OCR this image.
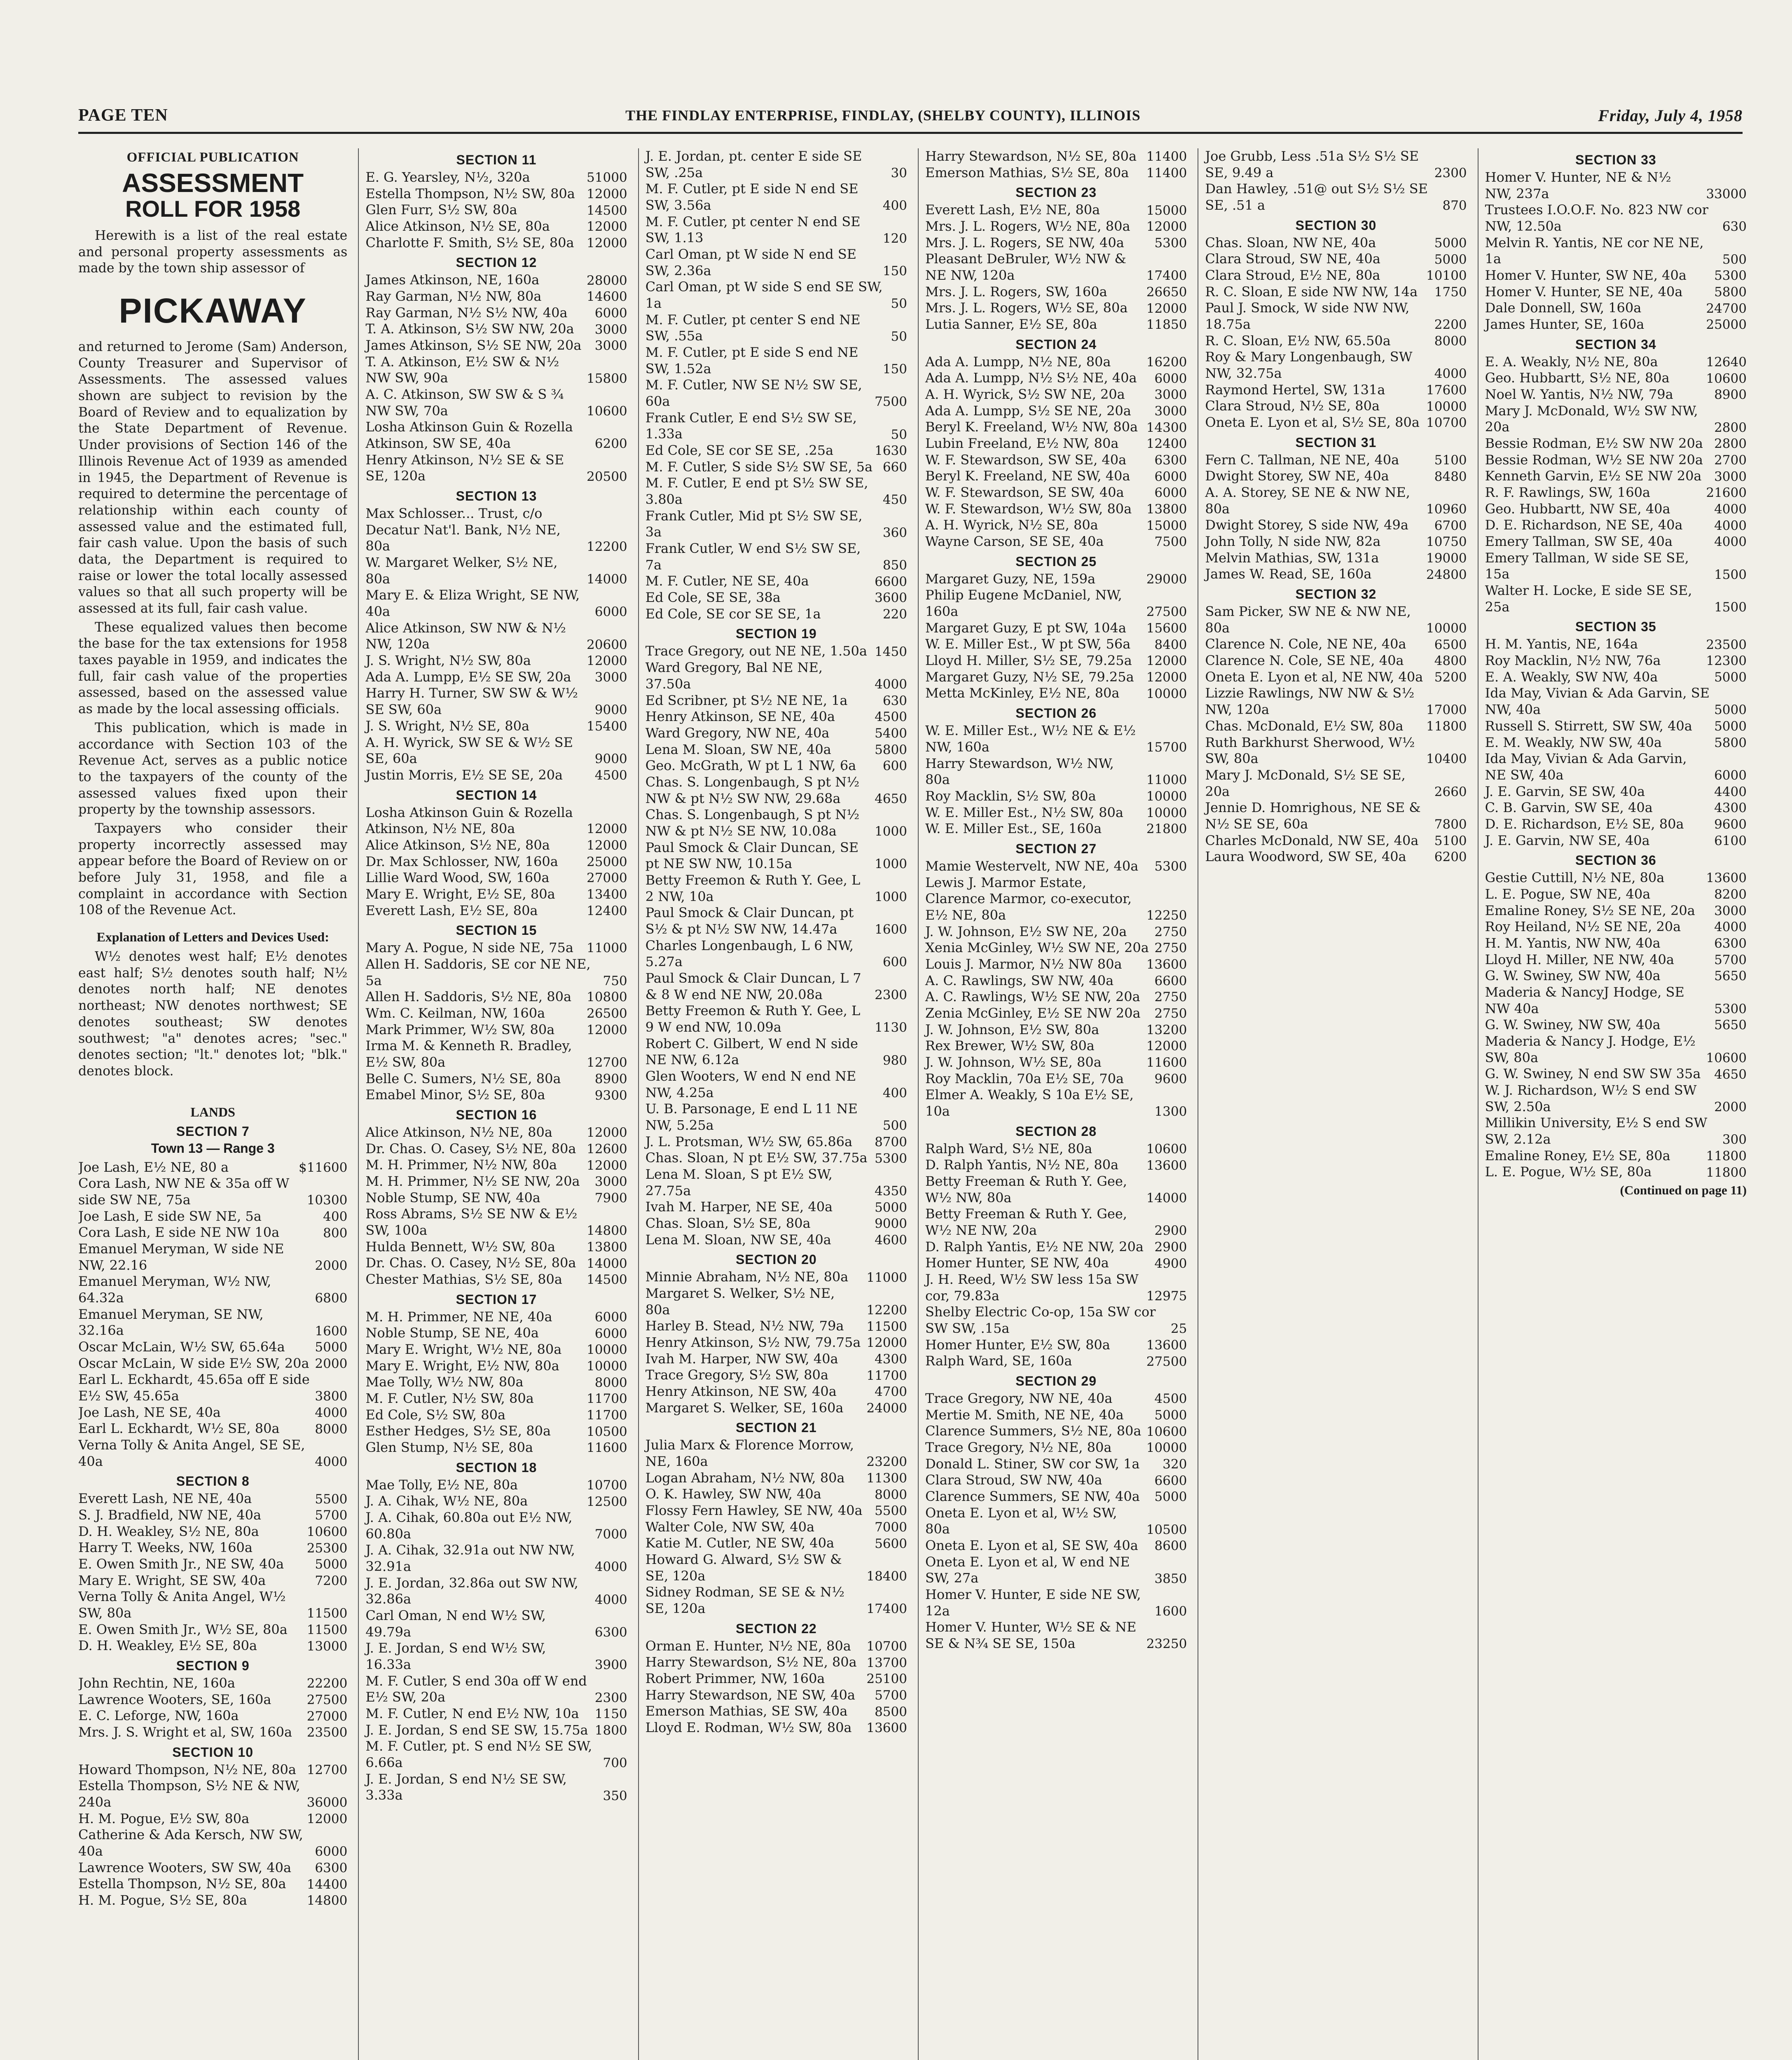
PAGE TEN	THE FINDLAY ENTERPRISE, FINDLAY, (SHELBY COUNTY), ILLINOIS	Friday, July 4, 1958
OFFICIAL PUBLICATION
ASSESSMENT
ROLL FOR 1958

Herewith is a list of the real estate and personal property assessments as made by the town ship assessor of

PICKAWAY

and returned to Jerome (Sam) Anderson, County Treasurer and Supervisor of Assessments. The assessed values shown are subject to revision by the Board of Review and to equalization by the State Department of Revenue. Under provisions of Section 146 of the Illinois Revenue Act of 1939 as amended in 1945, the Department of Revenue is required to determine the percentage of relationship within each county of assessed value and the estimated full, fair cash value. Upon the basis of such data, the Department is required to raise or lower the total locally assessed values so that all such property will be assessed at its full, fair cash value.

These equalized values then become the base for the tax extensions for 1958 taxes payable in 1959, and indicates the full, fair cash value of the properties assessed, based on the assessed value as made by the local assessing officials.

This publication, which is made in accordance with Section 103 of the Revenue Act, serves as a public notice to the taxpayers of the county of the assessed values fixed upon their property by the township assessors.

Taxpayers who consider their property incorrectly assessed may appear before the Board of Review on or before July 31, 1958, and file a complaint in accordance with Section 108 of the Revenue Act.

Explanation of Letters and Devices Used:

W½ denotes west half; E½ denotes east half; S½ denotes south half; N½ denotes north half; NE denotes northeast; NW denotes northwest; SE denotes southeast; SW denotes southwest; "a" denotes acres; "sec." denotes section; "lt." denotes lot; "blk." denotes block.

LANDS
SECTION 7
Town 13 — Range 3
Joe Lash, E½ NE, 80 a	$11600
Cora Lash, NW NE & 35a off W side SW NE, 75a	10300
Joe Lash, E side SW NE, 5a	400
Cora Lash, E side NE NW 10a	800
Emanuel Meryman, W side NE NW, 22.16	2000
Emanuel Meryman, W½ NW, 64.32a	6800
Emanuel Meryman, SE NW, 32.16a	1600
Oscar McLain, W½ SW, 65.64a	5000
Oscar McLain, W side E½ SW, 20a 2000
Earl L. Eckhardt, 45.65a off E side E½ SW, 45.65a	3800
Joe Lash, NE SE, 40a	4000
Earl L. Eckhardt, W½ SE, 80a	8000
Verna Tolly & Anita Angel, SE SE, 40a	4000
SECTION 8
Everett Lash, NE NE, 40a	5500
S. J. Bradfield, NW NE, 40a	5700
D. H. Weakley, S½ NE, 80a	10600
Harry T. Weeks, NW, 160a	25300
E. Owen Smith Jr., NE SW, 40a	5000
Mary E. Wright, SE SW, 40a	7200
Verna Tolly & Anita Angel, W½ SW, 80a	11500
E. Owen Smith Jr., W½ SE, 80a	11500
D. H. Weakley, E½ SE, 80a	13000
SECTION 9
John Rechtin, NE, 160a	22200
Lawrence Wooters, SE, 160a	27500
E. C. Leforge, NW, 160a	27000
Mrs. J. S. Wright et al, SW, 160a	23500
SECTION 10
Howard Thompson, N½ NE, 80a 12700
Estella Thompson, S½ NE & NW, 240a	36000
H. M. Pogue, E½ SW, 80a	12000
Catherine & Ada Kersch, NW SW, 40a	6000
Lawrence Wooters, SW SW, 40a	6300
Estella Thompson, N½ SE, 80a	14400
H. M. Pogue, S½ SE, 80a	14800
SECTION 11
E. G. Yearsley, N½, 320a	51000
Estella Thompson, N½ SW, 80a 12000
Glen Furr, S½ SW, 80a	14500
Alice Atkinson, N½ SE, 80a	12000
Charlotte F. Smith, S½ SE, 80a 12000
SECTION 12
James Atkinson, NE, 160a	28000
Ray Garman, N½ NW, 80a	14600
Ray Garman, N½ S½ NW, 40a	6000
T. A. Atkinson, S½ SW NW, 20a	3000
James Atkinson, S½ SE NW, 20a	3000
T. A. Atkinson, E½ SW & N½ NW SW, 90a	15800
A. C. Atkinson, SW SW & S ¾ NW SW, 70a	10600
Losha Atkinson Guin & Rozella Atkinson, SW SE, 40a	6200
Henry Atkinson, N½ SE & SE SE, 120a	20500
SECTION 13
Max Schlosser... Trust, c/o Decatur Nat'l. Bank, N½ NE, 80a	12200
W. Margaret Welker, S½ NE, 80a	14000
Mary E. & Eliza Wright, SE NW, 40a	6000
Alice Atkinson, SW NW & N½ NW, 120a	20600
J. S. Wright, N½ SW, 80a	12000
Ada A. Lumpp, E½ SE SW, 20a	3000
Harry H. Turner, SW SW & W½ SE SW, 60a	9000
J. S. Wright, N½ SE, 80a	15400
A. H. Wyrick, SW SE & W½ SE SE, 60a	9000
Justin Morris, E½ SE SE, 20a	4500
SECTION 14
Losha Atkinson Guin & Rozella Atkinson, N½ NE, 80a	12000
Alice Atkinson, S½ NE, 80a	12000
Dr. Max Schlosser, NW, 160a	25000
Lillie Ward Wood, SW, 160a	27000
Mary E. Wright, E½ SE, 80a	13400
Everett Lash, E½ SE, 80a	12400
SECTION 15
Mary A. Pogue, N side NE, 75a	11000
Allen H. Saddoris, SE cor NE NE, 5a	750
Allen H. Saddoris, S½ NE, 80a	10800
Wm. C. Keilman, NW, 160a	26500
Mark Primmer, W½ SW, 80a	12000
Irma M. & Kenneth R. Bradley, E½ SW, 80a	12700
Belle C. Sumers, N½ SE, 80a	8900
Emabel Minor, S½ SE, 80a	9300
SECTION 16
Alice Atkinson, N½ NE, 80a	12000
Dr. Chas. O. Casey, S½ NE, 80a 12600
M. H. Primmer, N½ NW, 80a	12000
M. H. Primmer, N½ SE NW, 20a	3000
Noble Stump, SE NW, 40a	7900
Ross Abrams, S½ SE NW & E½ SW, 100a	14800
Hulda Bennett, W½ SW, 80a	13800
Dr. Chas. O. Casey, N½ SE, 80a 14000
Chester Mathias, S½ SE, 80a	14500
SECTION 17
M. H. Primmer, NE NE, 40a	6000
Noble Stump, SE NE, 40a	6000
Mary E. Wright, W½ NE, 80a	10000
Mary E. Wright, E½ NW, 80a	10000
Mae Tolly, W½ NW, 80a	8000
M. F. Cutler, N½ SW, 80a	11700
Ed Cole, S½ SW, 80a	11700
Esther Hedges, S½ SE, 80a	10500
Glen Stump, N½ SE, 80a	11600
SECTION 18
Mae Tolly, E½ NE, 80a	10700
J. A. Cihak, W½ NE, 80a	12500
J. A. Cihak, 60.80a out E½ NW, 60.80a	7000
J. A. Cihak, 32.91a out NW NW, 32.91a	4000
J. E. Jordan, 32.86a out SW NW, 32.86a	4000
Carl Oman, N end W½ SW, 49.79a	6300
J. E. Jordan, S end W½ SW, 16.33a	3900
M. F. Cutler, S end 30a off W end E½ SW, 20a	2300
M. F. Cutler, N end E½ NW, 10a	1150
J. E. Jordan, S end SE SW, 15.75a 1800
M. F. Cutler, pt. S end N½ SE SW, 6.66a	700
J. E. Jordan, S end N½ SE SW, 3.33a	350
J. E. Jordan, pt. center E side SE SW, .25a	30
M. F. Cutler, pt E side N end SE SW, 3.56a	400
M. F. Cutler, pt center N end SE SW, 1.13	120
Carl Oman, pt W side N end SE SW, 2.36a	150
Carl Oman, pt W side S end SE SW, 1a	50
M. F. Cutler, pt center S end NE SW, .55a	50
M. F. Cutler, pt E side S end NE SW, 1.52a	150
M. F. Cutler, NW SE N½ SW SE, 60a	7500
Frank Cutler, E end S½ SW SE, 1.33a	50
Ed Cole, SE cor SE SE, .25a	1630
M. F. Cutler, S side S½ SW SE, 5a 660
M. F. Cutler, E end pt S½ SW SE, 3.80a	450
Frank Cutler, Mid pt S½ SW SE, 3a	360
Frank Cutler, W end S½ SW SE, 7a	850
M. F. Cutler, NE SE, 40a	6600
Ed Cole, SE SE, 38a	3600
Ed Cole, SE cor SE SE, 1a	220
SECTION 19
Trace Gregory, out NE NE, 1.50a 1450
Ward Gregory, Bal NE NE, 37.50a	4000
Ed Scribner, pt S½ NE NE, 1a	630
Henry Atkinson, SE NE, 40a	4500
Ward Gregory, NW NE, 40a	5400
Lena M. Sloan, SW NE, 40a	5800
Geo. McGrath, W pt L 1 NW, 6a	600
Chas. S. Longenbaugh, S pt N½ NW & pt N½ SW NW, 29.68a	4650
Chas. S. Longenbaugh, S pt N½ NW & pt N½ SE NW, 10.08a	1000
Paul Smock & Clair Duncan, SE pt NE SW NW, 10.15a	1000
Betty Freemon & Ruth Y. Gee, L 2 NW, 10a	1000
Paul Smock & Clair Duncan, pt S½ & pt N½ SW NW, 14.47a	1600
Charles Longenbaugh, L 6 NW, 5.27a	600
Paul Smock & Clair Duncan, L 7 & 8 W end NE NW, 20.08a	2300
Betty Freemon & Ruth Y. Gee, L 9 W end NW, 10.09a	1130
Robert C. Gilbert, W end N side NE NW, 6.12a	980
Glen Wooters, W end N end NE NW, 4.25a	400
U. B. Parsonage, E end L 11 NE NW, 5.25a	500
J. L. Protsman, W½ SW, 65.86a	8700
Chas. Sloan, N pt E½ SW, 37.75a 5300
Lena M. Sloan, S pt E½ SW, 27.75a	4350
Ivah M. Harper, NE SE, 40a	5000
Chas. Sloan, S½ SE, 80a	9000
Lena M. Sloan, NW SE, 40a	4600
SECTION 20
Minnie Abraham, N½ NE, 80a	11000
Margaret S. Welker, S½ NE, 80a	12200
Harley B. Stead, N½ NW, 79a	11500
Henry Atkinson, S½ NW, 79.75a 12000
Ivah M. Harper, NW SW, 40a	4300
Trace Gregory, S½ SW, 80a	11700
Henry Atkinson, NE SW, 40a	4700
Margaret S. Welker, SE, 160a	24000
SECTION 21
Julia Marx & Florence Morrow, NE, 160a	23200
Logan Abraham, N½ NW, 80a	11300
O. K. Hawley, SW NW, 40a	8000
Flossy Fern Hawley, SE NW, 40a 5500
Walter Cole, NW SW, 40a	7000
Katie M. Cutler, NE SW, 40a	5600
Howard G. Alward, S½ SW & SE, 120a	18400
Sidney Rodman, SE SE & N½ SE, 120a	17400
SECTION 22
Orman E. Hunter, N½ NE, 80a	10700
Harry Stewardson, S½ NE, 80a 13700
Robert Primmer, NW, 160a	25100
Harry Stewardson, NE SW, 40a	5700
Emerson Mathias, SE SW, 40a	8500
Lloyd E. Rodman, W½ SW, 80a	13600
Harry Stewardson, N½ SE, 80a 11400
Emerson Mathias, S½ SE, 80a	11400
SECTION 23
Everett Lash, E½ NE, 80a	15000
Mrs. J. L. Rogers, W½ NE, 80a	12000
Mrs. J. L. Rogers, SE NW, 40a	5300
Pleasant DeBruler, W½ NW & NE NW, 120a	17400
Mrs. J. L. Rogers, SW, 160a	26650
Mrs. J. L. Rogers, W½ SE, 80a	12000
Lutia Sanner, E½ SE, 80a	11850
SECTION 24
Ada A. Lumpp, N½ NE, 80a	16200
Ada A. Lumpp, N½ S½ NE, 40a	6000
A. H. Wyrick, S½ SW NE, 20a	3000
Ada A. Lumpp, S½ SE NE, 20a	3000
Beryl K. Freeland, W½ NW, 80a 14300
Lubin Freeland, E½ NW, 80a	12400
W. F. Stewardson, SW SE, 40a	6300
Beryl K. Freeland, NE SW, 40a	6000
W. F. Stewardson, SE SW, 40a	6000
W. F. Stewardson, W½ SW, 80a	13800
A. H. Wyrick, N½ SE, 80a	15000
Wayne Carson, SE SE, 40a	7500
SECTION 25
Margaret Guzy, NE, 159a	29000
Philip Eugene McDaniel, NW, 160a	27500
Margaret Guzy, E pt SW, 104a	15600
W. E. Miller Est., W pt SW, 56a	8400
Lloyd H. Miller, S½ SE, 79.25a	12000
Margaret Guzy, N½ SE, 79.25a 12000
Metta McKinley, E½ NE, 80a	10000
SECTION 26
W. E. Miller Est., W½ NE & E½ NW, 160a	15700
Harry Stewardson, W½ NW, 80a	11000
Roy Macklin, S½ SW, 80a	10000
W. E. Miller Est., N½ SW, 80a	10000
W. E. Miller Est., SE, 160a	21800
SECTION 27
Mamie Westervelt, NW NE, 40a	5300
Lewis J. Marmor Estate, Clarence Marmor, co-executor, E½ NE, 80a	12250
J. W. Johnson, E½ SW NE, 20a	2750
Xenia McGinley, W½ SW NE, 20a 2750
Louis J. Marmor, N½ NW 80a	13600
A. C. Rawlings, SW NW, 40a	6600
A. C. Rawlings, W½ SE NW, 20a	2750
Zenia McGinley, E½ SE NW 20a	2750
J. W. Johnson, E½ SW, 80a	13200
Rex Brewer, W½ SW, 80a	12000
J. W. Johnson, W½ SE, 80a	11600
Roy Macklin, 70a E½ SE, 70a	9600
Elmer A. Weakly, S 10a E½ SE, 10a	1300
SECTION 28
Ralph Ward, S½ NE, 80a	10600
D. Ralph Yantis, N½ NE, 80a	13600
Betty Freeman & Ruth Y. Gee, W½ NW, 80a	14000
Betty Freeman & Ruth Y. Gee, W½ NE NW, 20a	2900
D. Ralph Yantis, E½ NE NW, 20a 2900
Homer Hunter, SE NW, 40a	4900
J. H. Reed, W½ SW less 15a SW cor, 79.83a	12975
Shelby Electric Co-op, 15a SW cor SW SW, .15a	25
Homer Hunter, E½ SW, 80a	13600
Ralph Ward, SE, 160a	27500
SECTION 29
Trace Gregory, NW NE, 40a	4500
Mertie M. Smith, NE NE, 40a	5000
Clarence Summers, S½ NE, 80a 10600
Trace Gregory, N½ NE, 80a	10000
Donald L. Stiner, SW cor SW, 1a	320
Clara Stroud, SW NW, 40a	6600
Clarence Summers, SE NW, 40a	5000
Oneta E. Lyon et al, W½ SW, 80a	10500
Oneta E. Lyon et al, SE SW, 40a	8600
Oneta E. Lyon et al, W end NE SW, 27a	3850
Homer V. Hunter, E side NE SW, 12a	1600
Homer V. Hunter, W½ SE & NE SE & N¾ SE SE, 150a	23250
Joe Grubb, Less .51a S½ S½ SE SE, 9.49 a	2300
Dan Hawley, .51@ out S½ S½ SE SE, .51 a	870
SECTION 30
Chas. Sloan, NW NE, 40a	5000
Clara Stroud, SW NE, 40a	5000
Clara Stroud, E½ NE, 80a	10100
R. C. Sloan, E side NW NW, 14a	1750
Paul J. Smock, W side NW NW, 18.75a	2200
R. C. Sloan, E½ NW, 65.50a	8000
Roy & Mary Longenbaugh, SW NW, 32.75a	4000
Raymond Hertel, SW, 131a	17600
Clara Stroud, N½ SE, 80a	10000
Oneta E. Lyon et al, S½ SE, 80a 10700
SECTION 31
Fern C. Tallman, NE NE, 40a	5100
Dwight Storey, SW NE, 40a	8480
A. A. Storey, SE NE & NW NE, 80a	10960
Dwight Storey, S side NW, 49a	6700
John Tolly, N side NW, 82a	10750
Melvin Mathias, SW, 131a	19000
James W. Read, SE, 160a	24800
SECTION 32
Sam Picker, SW NE & NW NE, 80a	10000
Clarence N. Cole, NE NE, 40a	6500
Clarence N. Cole, SE NE, 40a	4800
Oneta E. Lyon et al, NE NW, 40a 5200
Lizzie Rawlings, NW NW & S½ NW, 120a	17000
Chas. McDonald, E½ SW, 80a	11800
Ruth Barkhurst Sherwood, W½ SW, 80a	10400
Mary J. McDonald, S½ SE SE, 20a	2660
Jennie D. Homrighous, NE SE & N½ SE SE, 60a	7800
Charles McDonald, NW SE, 40a	5100
Laura Woodword, SW SE, 40a	6200
SECTION 33
Homer V. Hunter, NE & N½ NW, 237a	33000
Trustees I.O.O.F. No. 823 NW cor NW, 12.50a	630
Melvin R. Yantis, NE cor NE NE, 1a	500
Homer V. Hunter, SW NE, 40a	5300
Homer V. Hunter, SE NE, 40a	5800
Dale Donnell, SW, 160a	24700
James Hunter, SE, 160a	25000
SECTION 34
E. A. Weakly, N½ NE, 80a	12640
Geo. Hubbartt, S½ NE, 80a	10600
Noel W. Yantis, N½ NW, 79a	8900
Mary J. McDonald, W½ SW NW, 20a	2800
Bessie Rodman, E½ SW NW 20a 2800
Bessie Rodman, W½ SE NW 20a 2700
Kenneth Garvin, E½ SE NW 20a 3000
R. F. Rawlings, SW, 160a	21600
Geo. Hubbartt, NW SE, 40a	4000
D. E. Richardson, NE SE, 40a	4000
Emery Tallman, SW SE, 40a	4000
Emery Tallman, W side SE SE, 15a	1500
Walter H. Locke, E side SE SE, 25a	1500
SECTION 35
H. M. Yantis, NE, 164a	23500
Roy Macklin, N½ NW, 76a	12300
E. A. Weakly, SW NW, 40a	5000
Ida May, Vivian & Ada Garvin, SE NW, 40a	5000
Russell S. Stirrett, SW SW, 40a	5000
E. M. Weakly, NW SW, 40a	5800
Ida May, Vivian & Ada Garvin, NE SW, 40a	6000
J. E. Garvin, SE SW, 40a	4400
C. B. Garvin, SW SE, 40a	4300
D. E. Richardson, E½ SE, 80a	9600
J. E. Garvin, NW SE, 40a	6100
SECTION 36
Gestie Cuttill, N½ NE, 80a	13600
L. E. Pogue, SW NE, 40a	8200
Emaline Roney, S½ SE NE, 20a	3000
Roy Heiland, N½ SE NE, 20a	4000
H. M. Yantis, NW NW, 40a	6300
Lloyd H. Miller, NE NW, 40a	5700
G. W. Swiney, SW NW, 40a	5650
Maderia & NancyJ Hodge, SE NW 40a	5300
G. W. Swiney, NW SW, 40a	5650
Maderia & Nancy J. Hodge, E½ SW, 80a	10600
G. W. Swiney, N end SW SW 35a	4650
W. J. Richardson, W½ S end SW SW, 2.50a	2000
Millikin University, E½ S end SW SW, 2.12a	300
Emaline Roney, E½ SE, 80a	11800
L. E. Pogue, W½ SE, 80a	11800
(Continued on page 11)
